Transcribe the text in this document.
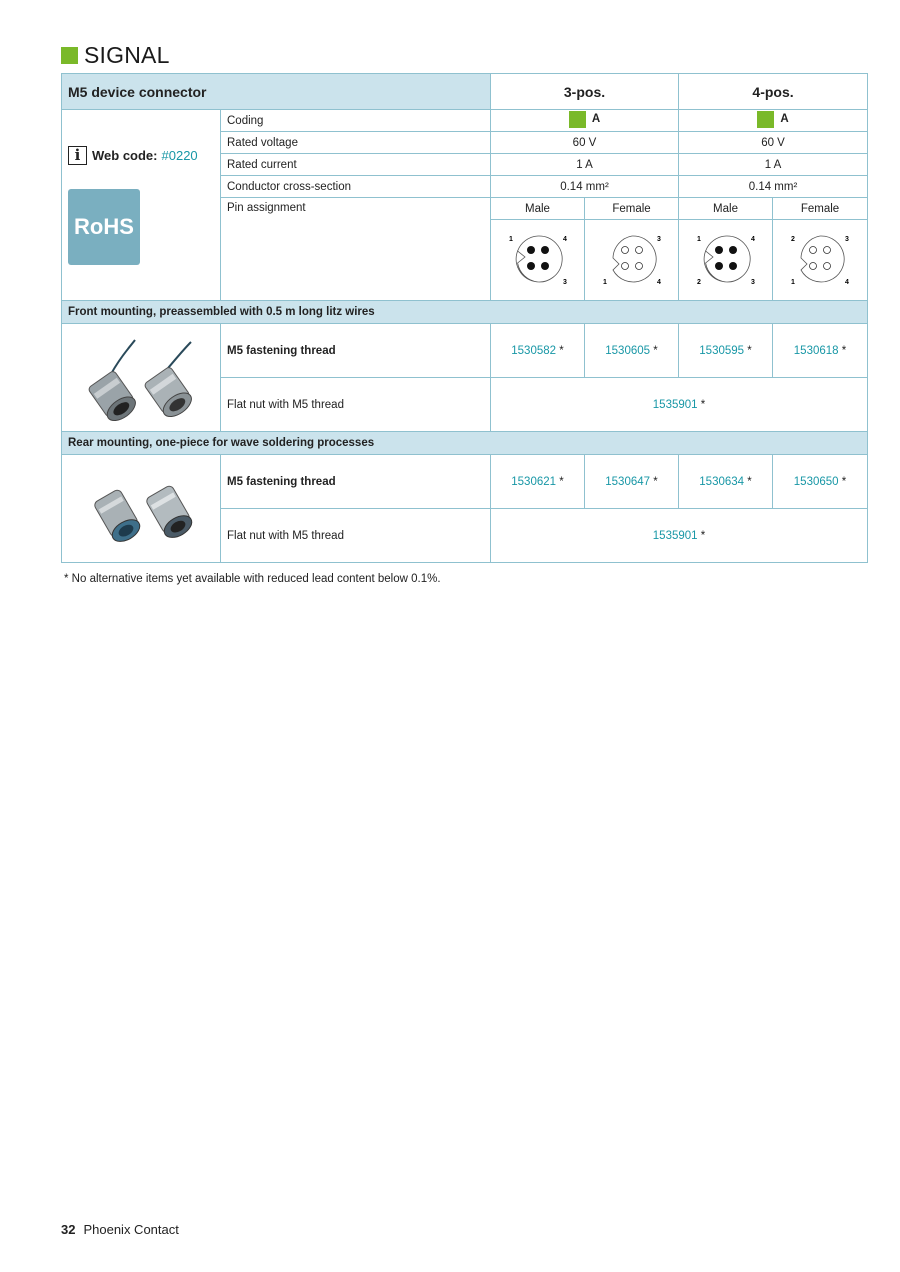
SIGNAL
M5 device connector		3-pos.		4-pos.	

i Web code: #0220
RoHS	Coding	A		A	

	Rated voltage	60 V		60 V	
	Rated current	1 A		1 A	
	Conductor cross-section	0.14 mm²		0.14 mm²	
	Pin assignment	Male	Female	Male	Female

1 4
3	3
1 4	1 4
2 3	2 3
1 4

Front mounting, preassembled with 0.5 m long litz wires					
	M5 fastening thread	1530582 *	1530605 *	1530595 *	1530618 *
	Flat nut with M5 thread	1535901 *			
Rear mounting, one-piece for wave soldering processes					
	M5 fastening thread	1530621 *	1530647 *	1530634 *	1530650 *
	Flat nut with M5 thread	1535901 *			
* No alternative items yet available with reduced lead content below 0.1%.
32 Phoenix Contact
